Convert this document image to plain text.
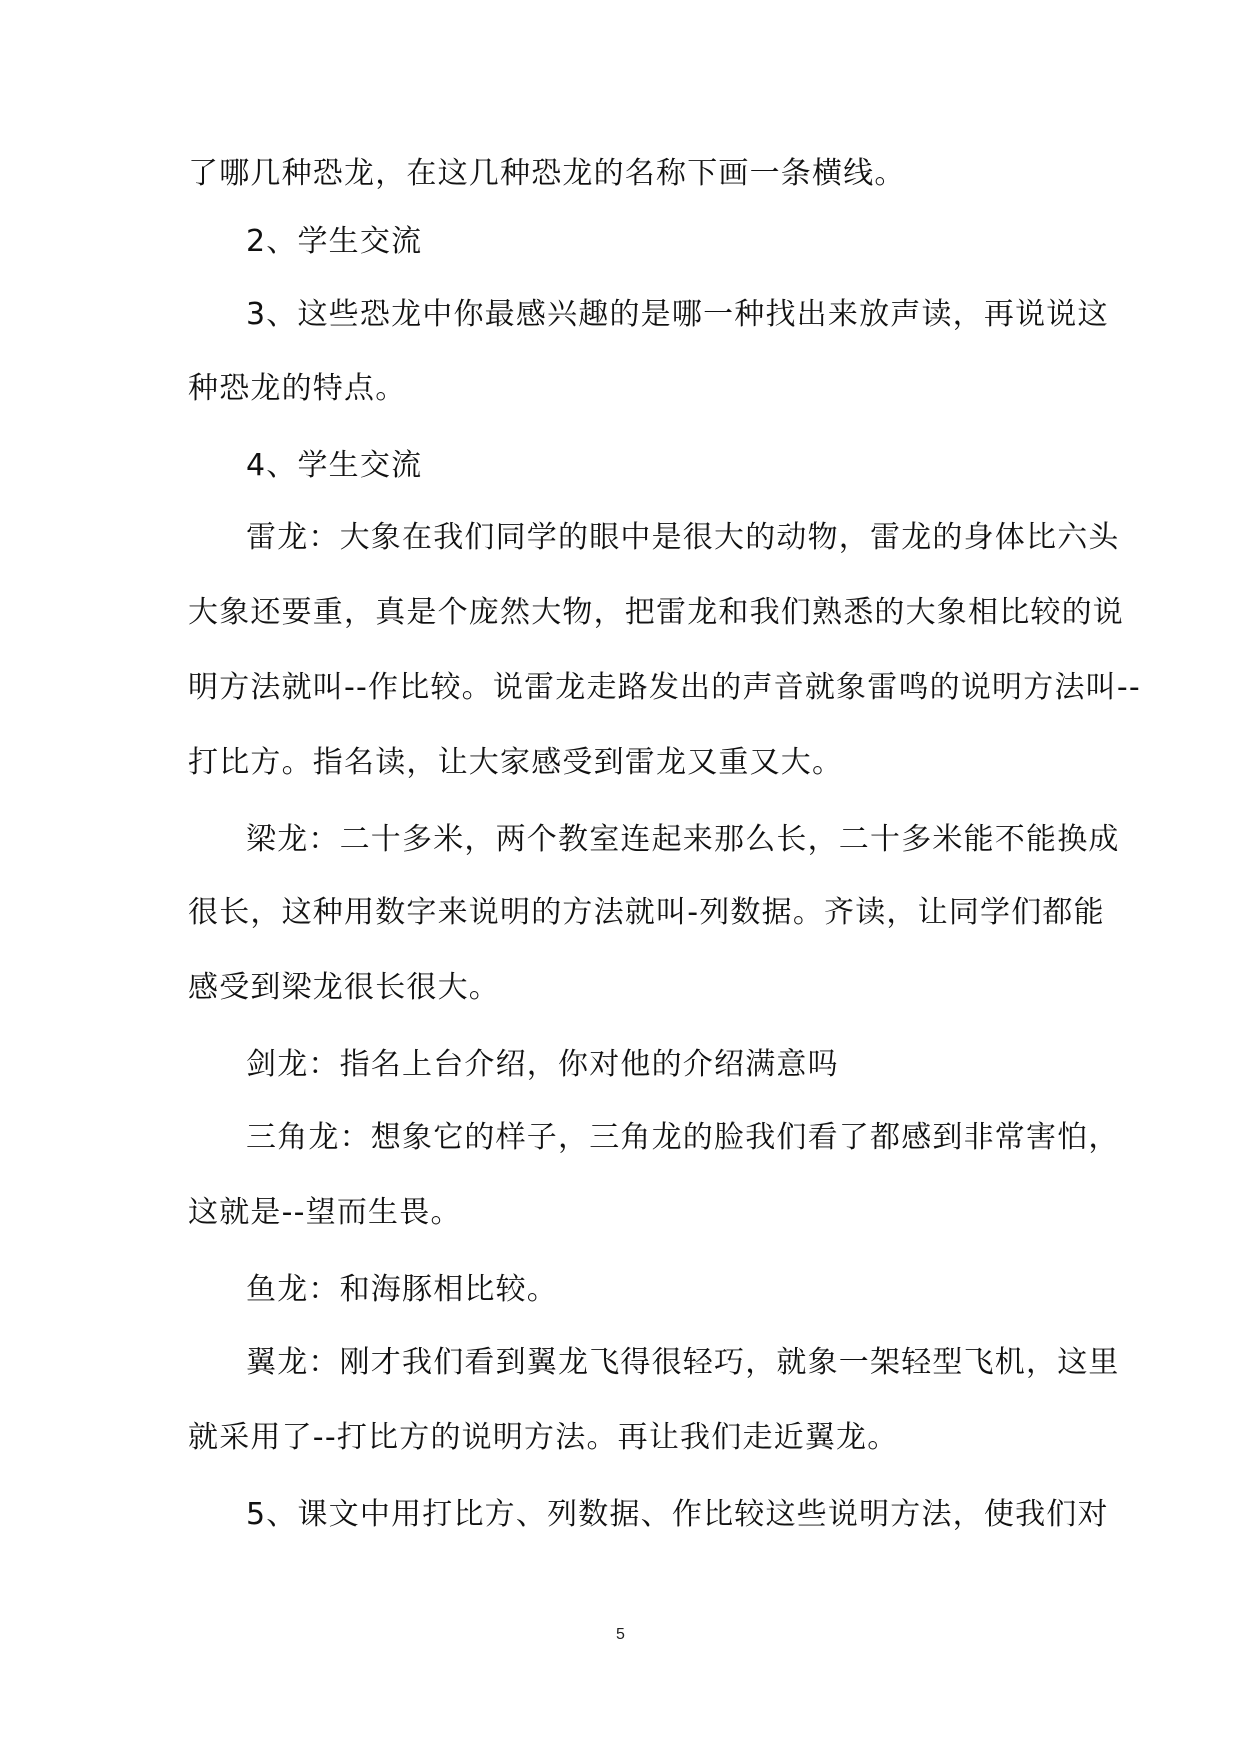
了哪几种恐龙，在这几种恐龙的名称下画一条横线。
2、学生交流
3、这些恐龙中你最感兴趣的是哪一种找出来放声读，再说说这
种恐龙的特点。
4、学生交流
雷龙：大象在我们同学的眼中是很大的动物，雷龙的身体比六头
大象还要重，真是个庞然大物，把雷龙和我们熟悉的大象相比较的说
明方法就叫--作比较。说雷龙走路发出的声音就象雷鸣的说明方法叫--
打比方。指名读，让大家感受到雷龙又重又大。
梁龙：二十多米，两个教室连起来那么长，二十多米能不能换成
很长，这种用数字来说明的方法就叫-列数据。齐读，让同学们都能
感受到梁龙很长很大。
剑龙：指名上台介绍，你对他的介绍满意吗
三角龙：想象它的样子，三角龙的脸我们看了都感到非常害怕，
这就是--望而生畏。
鱼龙：和海豚相比较。
翼龙：刚才我们看到翼龙飞得很轻巧，就象一架轻型飞机，这里
就采用了--打比方的说明方法。再让我们走近翼龙。
5、课文中用打比方、列数据、作比较这些说明方法，使我们对
5
